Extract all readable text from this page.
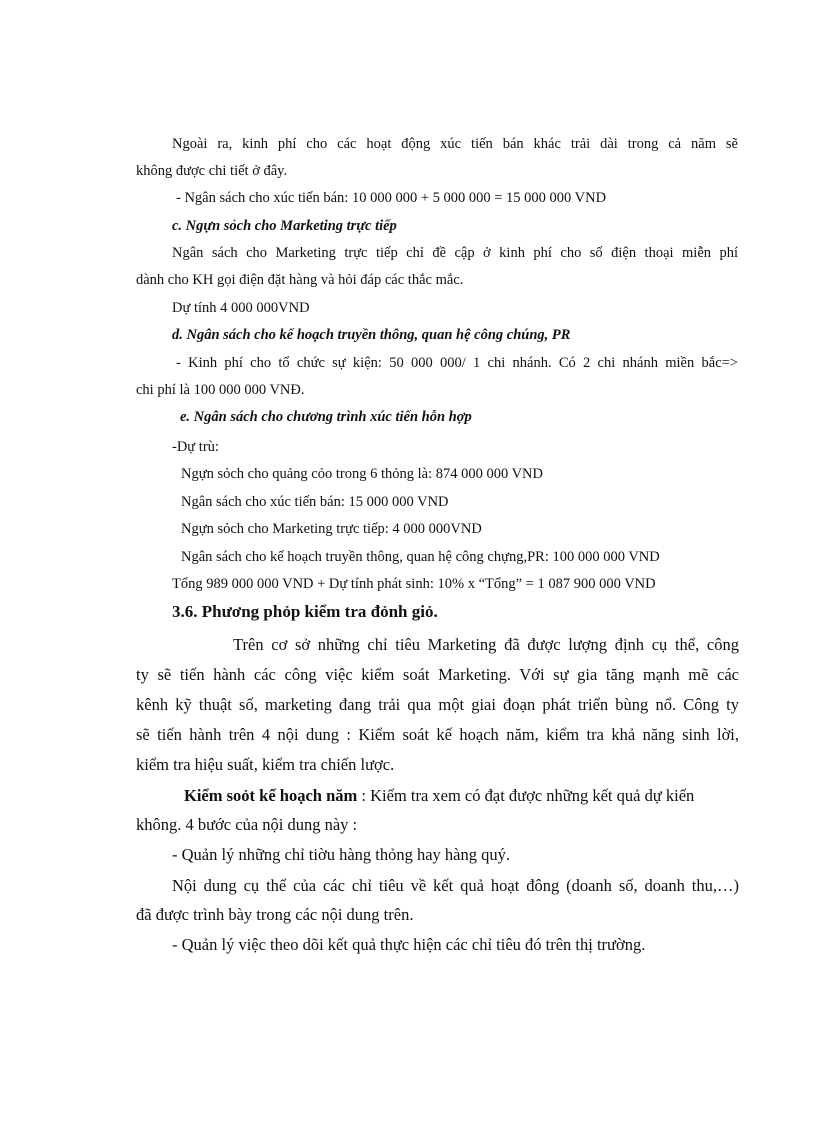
Ngoài ra, kinh phí cho các hoạt động xúc tiến bán khác trải dài trong cả năm sẽ
không được chi tiết ở đây.
- Ngân sách cho xúc tiến bán: 10 000 000 + 5 000 000 = 15 000 000 VND
c. Ngựn sỏch cho Marketing trực tiếp
Ngân sách cho Marketing trực tiếp chỉ đề cập ở kinh phí cho số điện thoại miễn phí
dành cho KH gọi điện đặt hàng và hỏi đáp các thắc mắc.
Dự tính 4 000 000VND
d. Ngân sách cho kế hoạch truyền thông, quan hệ công chúng, PR
- Kinh phí cho tổ chức sự kiện: 50 000 000/ 1 chi nhánh. Có 2 chi nhánh miền bắc=>
chi phí là 100 000 000 VNĐ.
e. Ngân sách cho chương trình xúc tiến hỗn hợp
-Dự trù:
Ngựn sỏch cho quảng cỏo trong 6 thỏng là: 874 000 000 VND
Ngân sách cho xúc tiến bán: 15 000 000 VND
Ngựn sỏch cho Marketing trực tiếp: 4 000 000VND
Ngân sách cho kế hoạch truyền thông, quan hệ công chựng,PR: 100 000 000 VND
Tổng 989 000 000 VND + Dự tính phát sinh: 10% x “Tổng” = 1 087 900 000 VND
3.6. Phương phỏp kiểm tra đỏnh giỏ.
Trên cơ sở những chỉ tiêu Marketing đã được lượng định cụ thể, công
ty sẽ tiến hành các công việc kiểm soát Marketing. Với sự gia tăng mạnh mẽ các
kênh kỹ thuật số, marketing đang trải qua một giai đoạn phát triển bùng nổ. Công ty
sẽ tiến hành trên 4 nội dung : Kiểm soát kế hoạch năm, kiểm tra khả năng sinh lời,
kiểm tra hiệu suất, kiểm tra chiến lược.
Kiểm soỏt kế hoạch năm : Kiểm tra xem có đạt được những kết quả dự kiến
không. 4 bước của nội dung này :
- Quản lý những chỉ tiờu hàng thỏng hay hàng quý.
Nội dung cụ thể của các chỉ tiêu về kết quả hoạt đông (doanh số, doanh thu,…)
đã được trình bày trong các nội dung trên.
- Quản lý việc theo dõi kết quả thực hiện các chỉ tiêu đó trên thị trường.
